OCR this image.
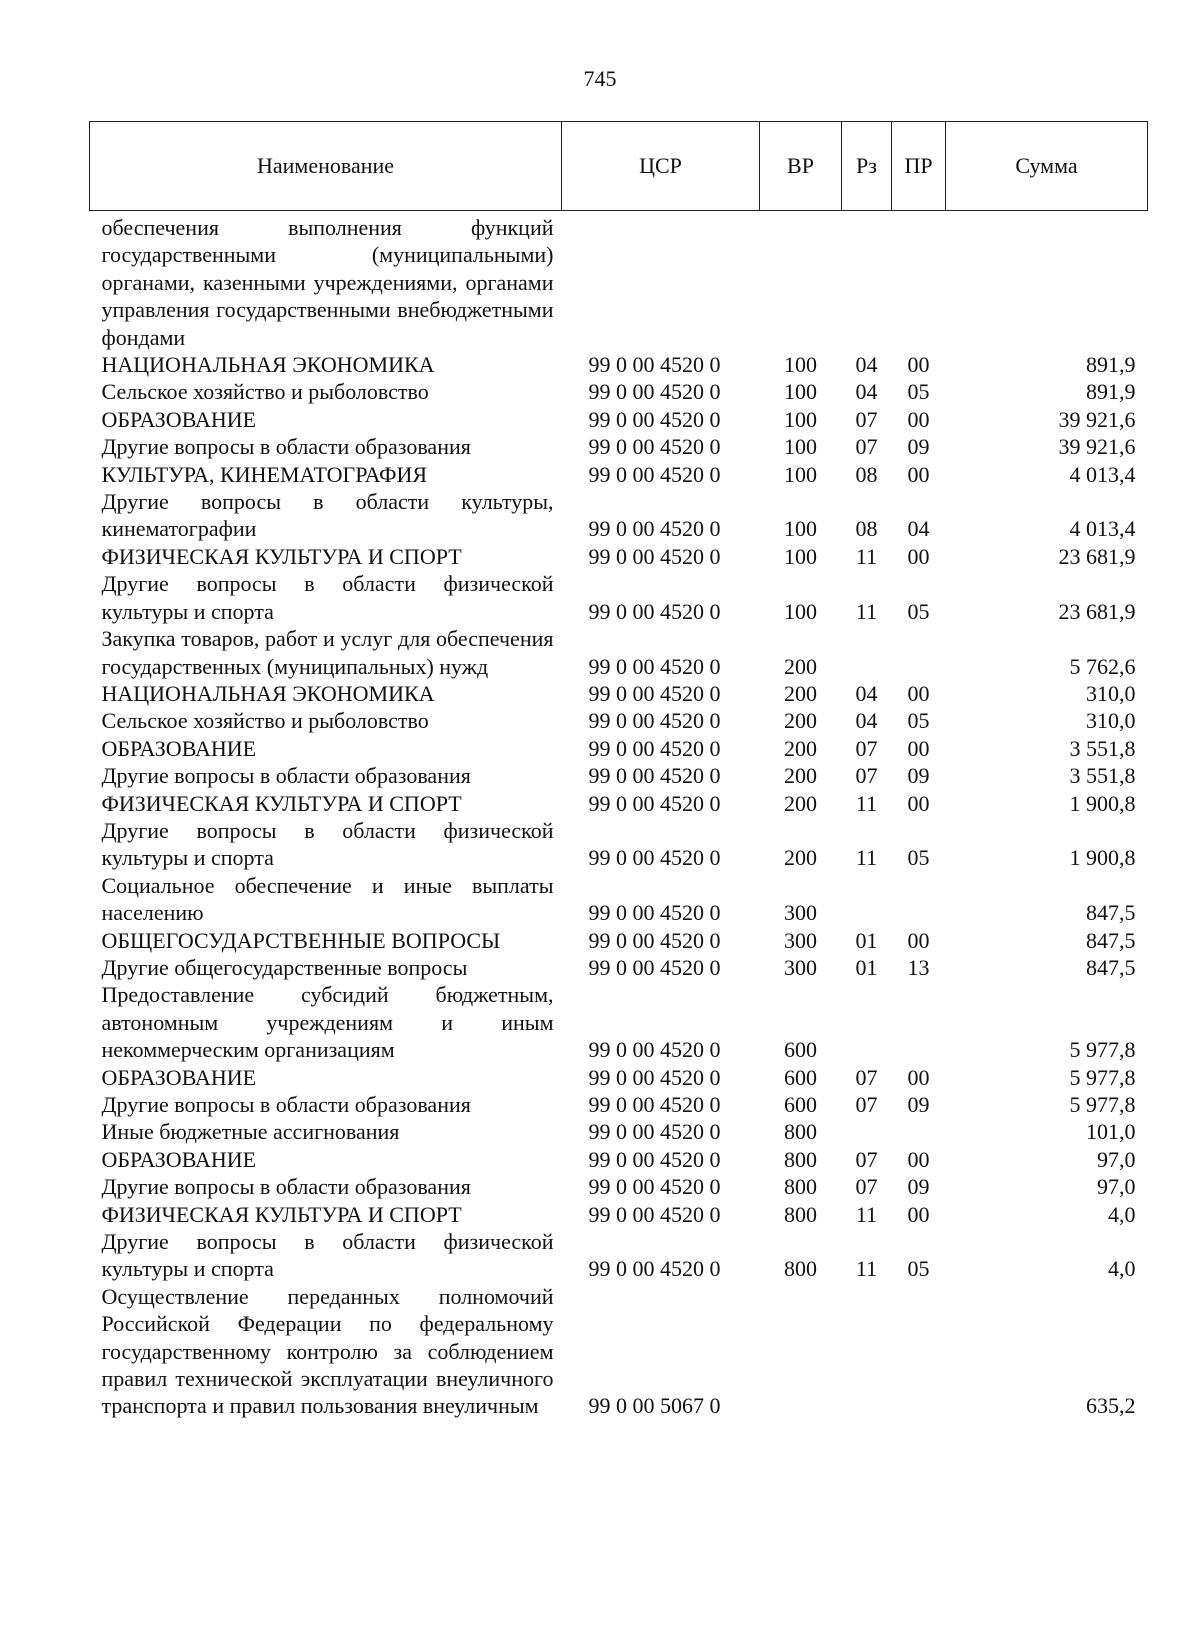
745
Наименование	ЦСР	ВР	Рз	ПР	Сумма
обеспечения выполнения функций государственными (муниципальными) органами, казенными учреждениями, органами управления государственными внебюджетными фондами					
НАЦИОНАЛЬНАЯ ЭКОНОМИКА	99 0 00 4520 0	100	04	00	891,9
Сельское хозяйство и рыболовство	99 0 00 4520 0	100	04	05	891,9
ОБРАЗОВАНИЕ	99 0 00 4520 0	100	07	00	39 921,6
Другие вопросы в области образования	99 0 00 4520 0	100	07	09	39 921,6
КУЛЬТУРА, КИНЕМАТОГРАФИЯ	99 0 00 4520 0	100	08	00	4 013,4
Другие вопросы в области культуры, кинематографии	99 0 00 4520 0	100	08	04	4 013,4
ФИЗИЧЕСКАЯ КУЛЬТУРА И СПОРТ	99 0 00 4520 0	100	11	00	23 681,9
Другие вопросы в области физической культуры и спорта	99 0 00 4520 0	100	11	05	23 681,9
Закупка товаров, работ и услуг для обеспечения государственных (муниципальных) нужд	99 0 00 4520 0	200			5 762,6
НАЦИОНАЛЬНАЯ ЭКОНОМИКА	99 0 00 4520 0	200	04	00	310,0
Сельское хозяйство и рыболовство	99 0 00 4520 0	200	04	05	310,0
ОБРАЗОВАНИЕ	99 0 00 4520 0	200	07	00	3 551,8
Другие вопросы в области образования	99 0 00 4520 0	200	07	09	3 551,8
ФИЗИЧЕСКАЯ КУЛЬТУРА И СПОРТ	99 0 00 4520 0	200	11	00	1 900,8
Другие вопросы в области физической культуры и спорта	99 0 00 4520 0	200	11	05	1 900,8
Социальное обеспечение и иные выплаты населению	99 0 00 4520 0	300			847,5
ОБЩЕГОСУДАРСТВЕННЫЕ ВОПРОСЫ	99 0 00 4520 0	300	01	00	847,5
Другие общегосударственные вопросы	99 0 00 4520 0	300	01	13	847,5
Предоставление субсидий бюджетным, автономным учреждениям и иным некоммерческим организациям	99 0 00 4520 0	600			5 977,8
ОБРАЗОВАНИЕ	99 0 00 4520 0	600	07	00	5 977,8
Другие вопросы в области образования	99 0 00 4520 0	600	07	09	5 977,8
Иные бюджетные ассигнования	99 0 00 4520 0	800			101,0
ОБРАЗОВАНИЕ	99 0 00 4520 0	800	07	00	97,0
Другие вопросы в области образования	99 0 00 4520 0	800	07	09	97,0
ФИЗИЧЕСКАЯ КУЛЬТУРА И СПОРТ	99 0 00 4520 0	800	11	00	4,0
Другие вопросы в области физической культуры и спорта	99 0 00 4520 0	800	11	05	4,0
Осуществление переданных полномочий Российской Федерации по федеральному государственному контролю за соблюдением правил технической эксплуатации внеуличного транспорта и правил пользования внеуличным	99 0 00 5067 0				635,2
